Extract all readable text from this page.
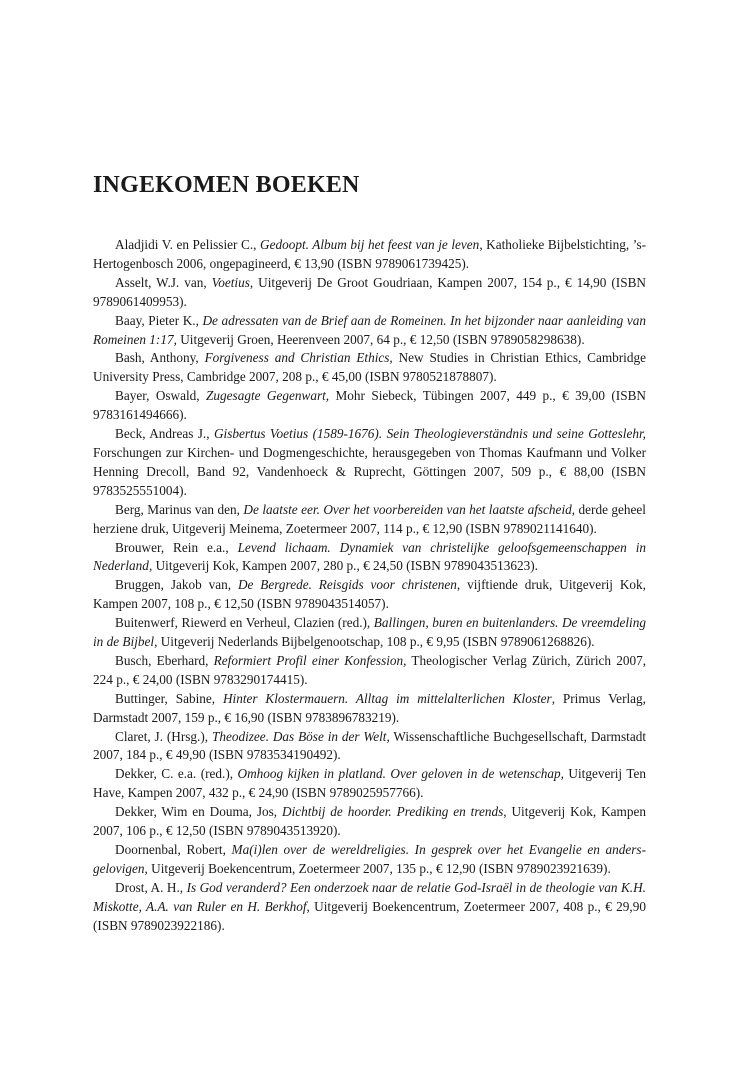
INGEKOMEN BOEKEN

Aladjidi V. en Pelissier C., Gedoopt. Album bij het feest van je leven, Katholieke Bijbelstichting, ’s-Hertogenbosch 2006, ongepagineerd, € 13,90 (ISBN 9789061739425).

Asselt, W.J. van, Voetius, Uitgeverij De Groot Goudriaan, Kampen 2007, 154 p., € 14,90 (ISBN 9789061409953).

Baay, Pieter K., De adressaten van de Brief aan de Romeinen. In het bijzonder naar aanleiding van Romeinen 1:17, Uitgeverij Groen, Heerenveen 2007, 64 p., € 12,50 (ISBN 9789058298638).

Bash, Anthony, Forgiveness and Christian Ethics, New Studies in Christian Ethics, Cambridge University Press, Cambridge 2007, 208 p., € 45,00 (ISBN 9780521878807).

Bayer, Oswald, Zugesagte Gegenwart, Mohr Siebeck, Tübingen 2007, 449 p., € 39,00 (ISBN 9783161494666).

Beck, Andreas J., Gisbertus Voetius (1589-1676). Sein Theologieverständnis und seine Gotteslehr, Forschungen zur Kirchen- und Dogmengeschichte, herausgegeben von Thomas Kaufmann und Volker Henning Drecoll, Band 92, Vandenhoeck & Ruprecht, Göttingen 2007, 509 p., € 88,00 (ISBN 9783525551004).

Berg, Marinus van den, De laatste eer. Over het voorbereiden van het laatste afscheid, derde geheel herziene druk, Uitgeverij Meinema, Zoetermeer 2007, 114 p., € 12,90 (ISBN 9789021141640).

Brouwer, Rein e.a., Levend lichaam. Dynamiek van christelijke geloofsgemeenschappen in Nederland, Uitgeverij Kok, Kampen 2007, 280 p., € 24,50 (ISBN 9789043513623).

Bruggen, Jakob van, De Bergrede. Reisgids voor christenen, vijftiende druk, Uitgeverij Kok, Kampen 2007, 108 p., € 12,50 (ISBN 9789043514057).

Buitenwerf, Riewerd en Verheul, Clazien (red.), Ballingen, buren en buitenlanders. De vreemdeling in de Bijbel, Uitgeverij Nederlands Bijbelgenootschap, 108 p., € 9,95 (ISBN 9789061268826).

Busch, Eberhard, Reformiert Profil einer Konfession, Theologischer Verlag Zürich, Zürich 2007, 224 p., € 24,00 (ISBN 9783290174415).

Buttinger, Sabine, Hinter Klostermauern. Alltag im mittelalterlichen Kloster, Primus Verlag, Darmstadt 2007, 159 p., € 16,90 (ISBN 9783896783219).

Claret, J. (Hrsg.), Theodizee. Das Böse in der Welt, Wissenschaftliche Buchgesellschaft, Darmstadt 2007, 184 p., € 49,90 (ISBN 9783534190492).

Dekker, C. e.a. (red.), Omhoog kijken in platland. Over geloven in de wetenschap, Uitgeverij Ten Have, Kampen 2007, 432 p., € 24,90 (ISBN 9789025957766).

Dekker, Wim en Douma, Jos, Dichtbij de hoorder. Prediking en trends, Uitgeverij Kok, Kampen 2007, 106 p., € 12,50 (ISBN 9789043513920).

Doornenbal, Robert, Ma(i)len over de wereldreligies. In gesprek over het Evangelie en andersgelovigen, Uitgeverij Boekencentrum, Zoetermeer 2007, 135 p., € 12,90 (ISBN 9789023921639).

Drost, A. H., Is God veranderd? Een onderzoek naar de relatie God-Israël in de theologie van K.H. Miskotte, A.A. van Ruler en H. Berkhof, Uitgeverij Boekencentrum, Zoetermeer 2007, 408 p., € 29,90 (ISBN 9789023922186).
